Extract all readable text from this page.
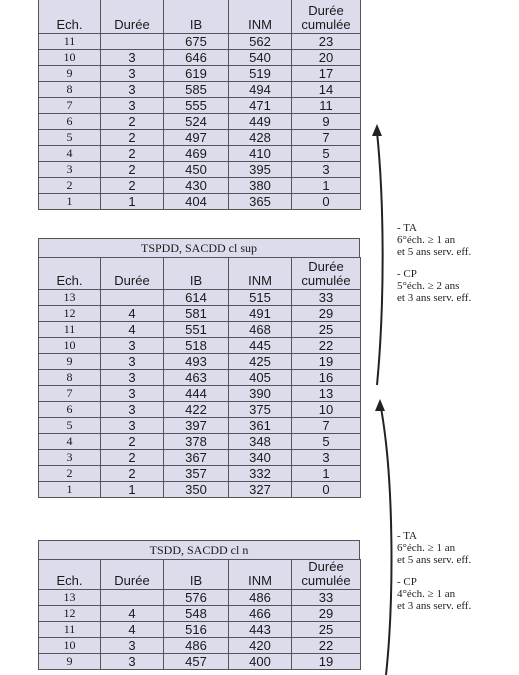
Ech.	Durée	IB	INM	Durée cumulée
11		675	562	23
10	3	646	540	20
9	3	619	519	17
8	3	585	494	14
7	3	555	471	11
6	2	524	449	9
5	2	497	428	7
4	2	469	410	5
3	2	450	395	3
2	2	430	380	1
1	1	404	365	0
TSPDD, SACDD cl sup
Ech.	Durée	IB	INM	Durée cumulée
13		614	515	33
12	4	581	491	29
11	4	551	468	25
10	3	518	445	22
9	3	493	425	19
8	3	463	405	16
7	3	444	390	13
6	3	422	375	10
5	3	397	361	7
4	2	378	348	5
3	2	367	340	3
2	2	357	332	1
1	1	350	327	0
TSDD, SACDD cl n
Ech.	Durée	IB	INM	Durée cumulée
13		576	486	33
12	4	548	466	29
11	4	516	443	25
10	3	486	420	22
9	3	457	400	19

- TA

6°éch. ≥ 1 an

et 5 ans serv. eff.

- CP

5°éch. ≥ 2 ans

et 3 ans serv. eff.

- TA

6°éch. ≥ 1 an

et 5 ans serv. eff.

- CP

4°éch. ≥ 1 an

et 3 ans serv. eff.
